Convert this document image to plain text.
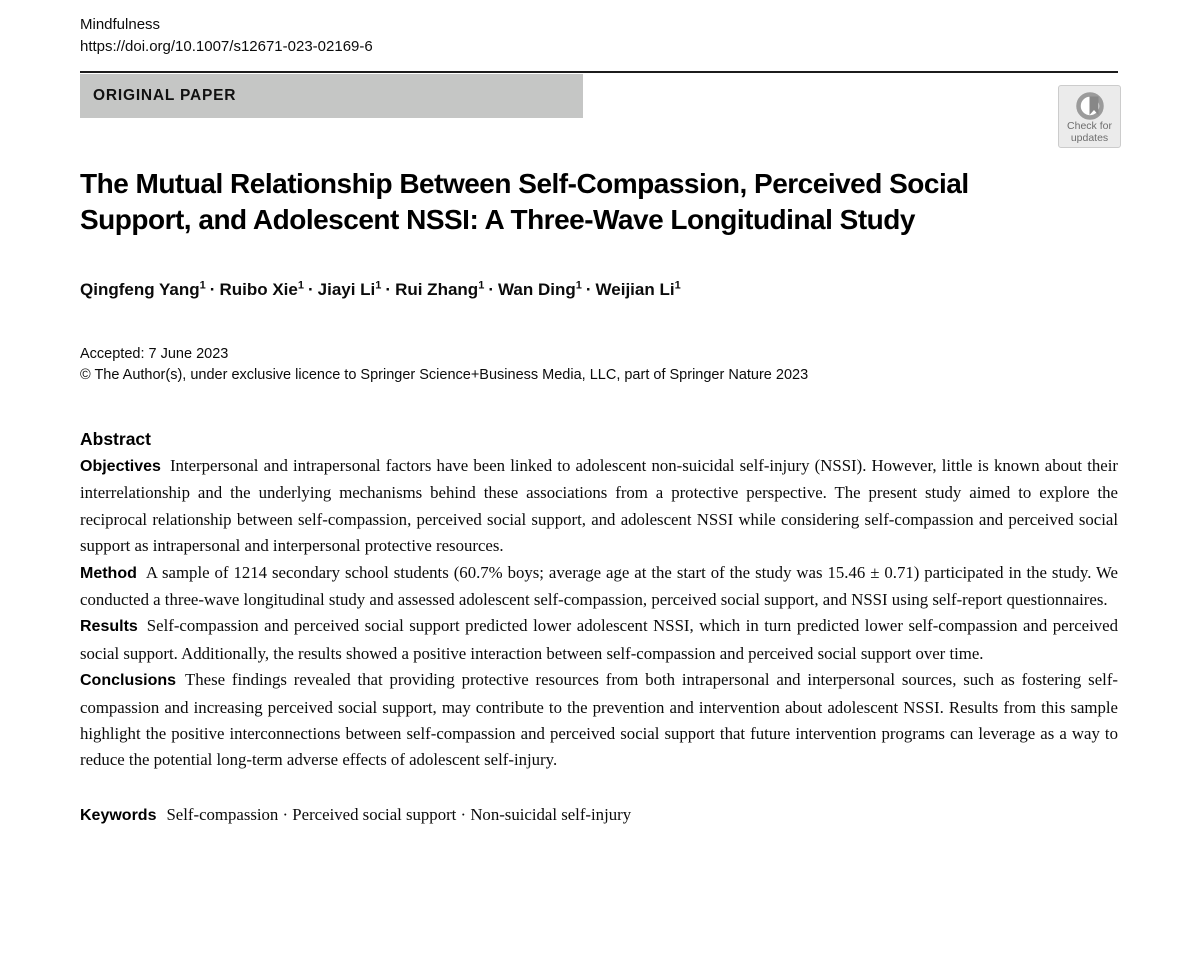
Mindfulness
https://doi.org/10.1007/s12671-023-02169-6
ORIGINAL PAPER
Check for
updates
The Mutual Relationship Between Self-Compassion, Perceived Social Support, and Adolescent NSSI: A Three-Wave Longitudinal Study
Qingfeng Yang$^1$ · Ruibo Xie$^1$ · Jiayi $Li^1$ · Rui Zhang$^1$ · Wan Ding$^1$ · Weijian Li$^1$
Accepted: 7 June 2023
© The Author(s), under exclusive licence to Springer Science+Business Media, LLC, part of Springer Nature 2023
Abstract

Objectives Interpersonal and intrapersonal factors have been linked to adolescent non-suicidal self-injury (NSSI). However, little is known about their interrelationship and the underlying mechanisms behind these associations from a protective perspective. The present study aimed to explore the reciprocal relationship between self-compassion, perceived social support, and adolescent NSSI while considering self-compassion and perceived social support as intrapersonal and interpersonal protective resources.

Method A sample of 1214 secondary school students (60.7% boys; average age at the start of the study was 15.46 ± 0.71) participated in the study. We conducted a three-wave longitudinal study and assessed adolescent self-compassion, perceived social support, and NSSI using self-report questionnaires.

Results Self-compassion and perceived social support predicted lower adolescent NSSI, which in turn predicted lower self-compassion and perceived social support. Additionally, the results showed a positive interaction between self-compassion and perceived social support over time.

Conclusions These findings revealed that providing protective resources from both intrapersonal and interpersonal sources, such as fostering self-compassion and increasing perceived social support, may contribute to the prevention and intervention about adolescent NSSI. Results from this sample highlight the positive interconnections between self-compassion and perceived social support that future intervention programs can leverage as a way to reduce the potential long-term adverse effects of adolescent self-injury.

Keywords Self-compassion · Perceived social support · Non-suicidal self-injury
